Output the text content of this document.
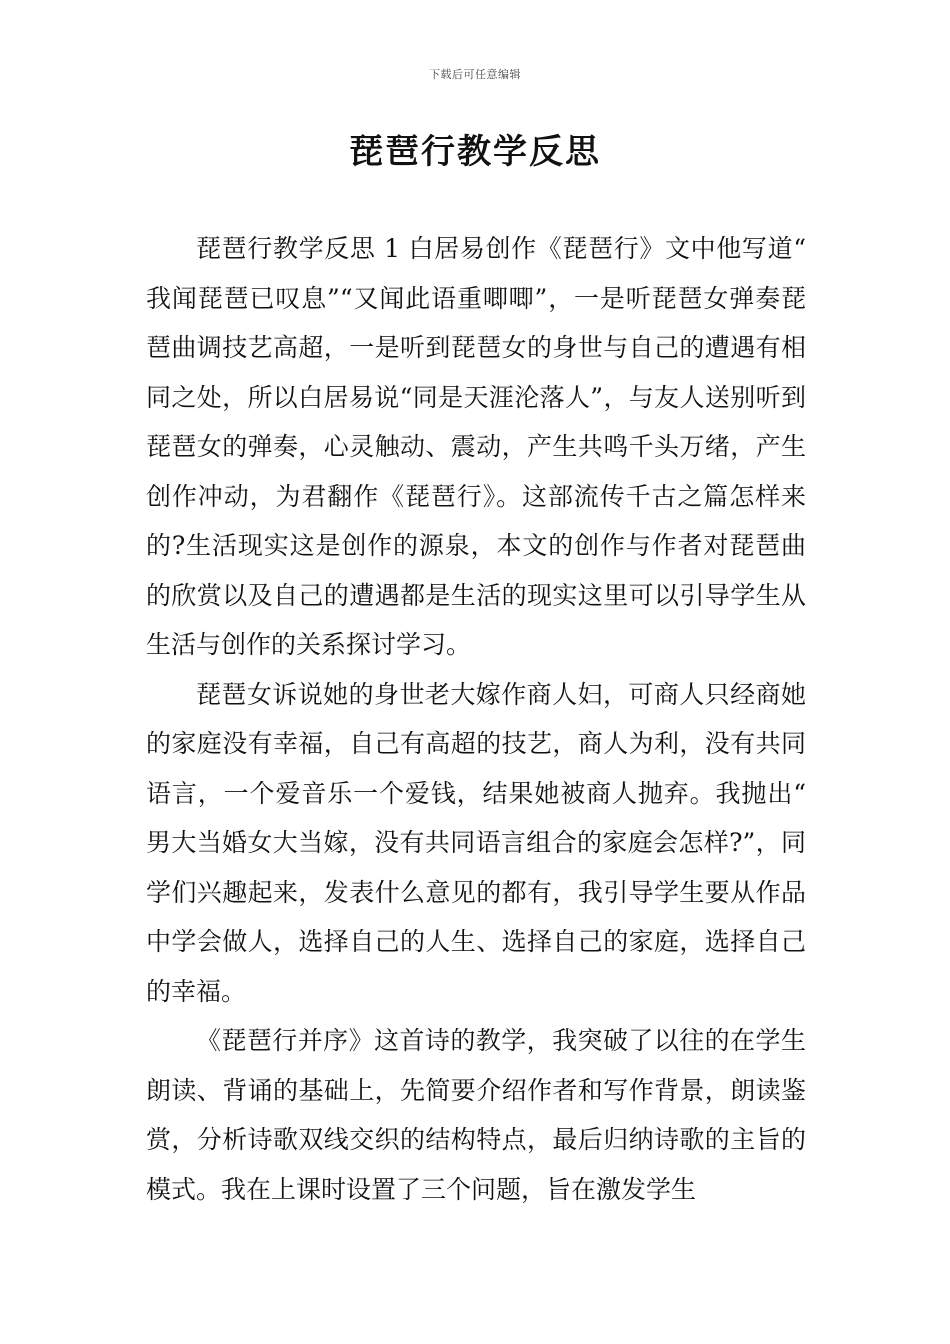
下载后可任意编辑
琵琶行教学反思

琵琶行教学反思 1 白居易创作《琵琶行》文中他写道“我闻琵琶已叹息”“又闻此语重唧唧”，一是听琵琶女弹奏琵琶曲调技艺高超，一是听到琵琶女的身世与自己的遭遇有相同之处，所以白居易说“同是天涯沦落人”，与友人送别听到琵琶女的弹奏，心灵触动、震动，产生共鸣千头万绪，产生创作冲动，为君翻作《琵琶行》。这部流传千古之篇怎样来的?生活现实这是创作的源泉，本文的创作与作者对琵琶曲的欣赏以及自己的遭遇都是生活的现实这里可以引导学生从生活与创作的关系探讨学习。

琵琶女诉说她的身世老大嫁作商人妇，可商人只经商她的家庭没有幸福，自己有高超的技艺，商人为利，没有共同语言，一个爱音乐一个爱钱，结果她被商人抛弃。我抛出“男大当婚女大当嫁，没有共同语言组合的家庭会怎样?”，同学们兴趣起来，发表什么意见的都有，我引导学生要从作品中学会做人，选择自己的人生、选择自己的家庭，选择自己的幸福。

《琵琶行并序》这首诗的教学，我突破了以往的在学生朗读、背诵的基础上，先简要介绍作者和写作背景，朗读鉴赏，分析诗歌双线交织的结构特点，最后归纳诗歌的主旨的模式。我在上课时设置了三个问题，旨在激发学生
